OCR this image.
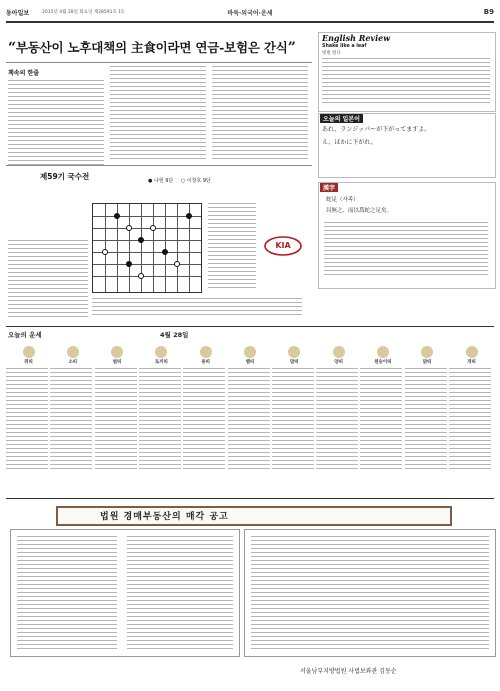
동아일보	2015년 4월 28일 화요일 제28591호 15	바둑·외국어·운세	B9
“부동산이 노후대책의 主食이라면 연금-보험은 간식”
책속의 한줄
English Review
Shake like a leaf
벌벌 떨다
오늘의 일본어
あれ、ランジッパーが下がってますよ。
え、ほかに下がれ。
漢字
蛇足（사족）
昌無之、而以爲蛇之足矣。
제59기 국수전	● 나현 9단 ○ 이창호 9단
KIA
오늘의 운세	4월 28일
쥐띠	소띠	범띠	토끼띠	용띠	뱀띠	말띠	양띠	원숭이띠	닭띠	개띠
법원 경매부동산의 매각 공고
서울남부지방법원 사법보좌관 김동순
